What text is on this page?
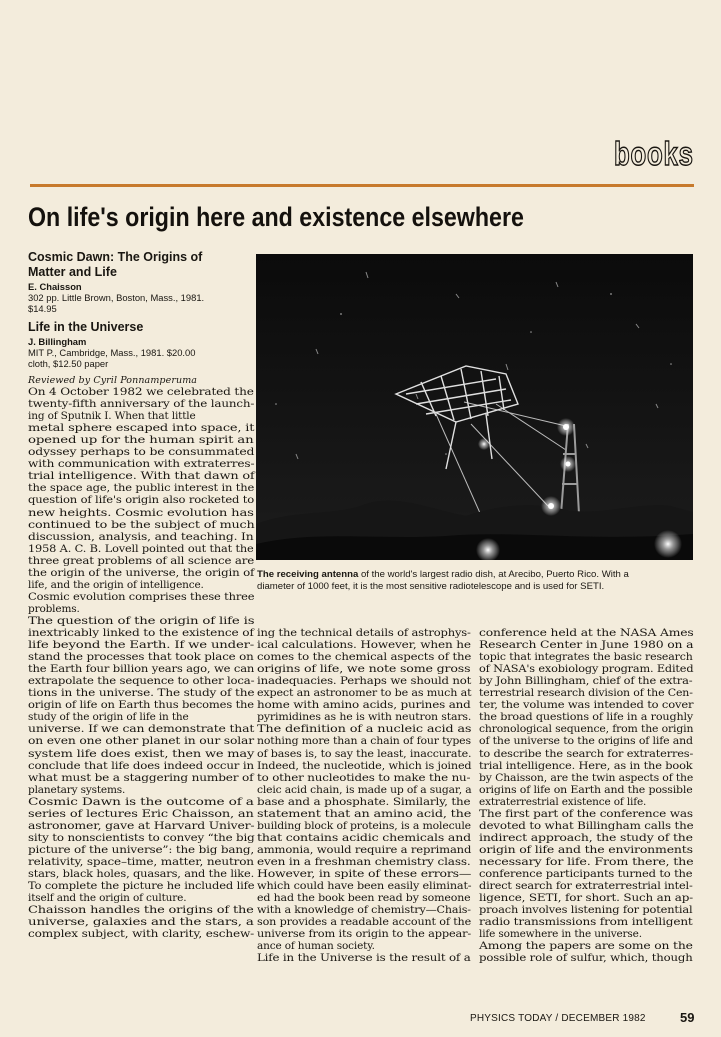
books
On life's origin here and existence elsewhere
Cosmic Dawn: The Origins of
Matter and Life
E. Chaisson
302 pp. Little Brown, Boston, Mass., 1981.
$14.95
Life in the Universe
J. Billingham
MIT P., Cambridge, Mass., 1981. $20.00
cloth, $12.50 paper
Reviewed by Cyril Ponnamperuma
The receiving antenna of the world's largest radio dish, at Arecibo, Puerto Rico. With a
diameter of 1000 feet, it is the most sensitive radiotelescope and is used for SETI.
On 4 October 1982 we celebrated the
twenty-fifth anniversary of the launch-
ing of Sputnik I. When that little
metal sphere escaped into space, it
opened up for the human spirit an
odyssey perhaps to be consummated
with communication with extraterres-
trial intelligence. With that dawn of
the space age, the public interest in the
question of life's origin also rocketed to
new heights. Cosmic evolution has
continued to be the subject of much
discussion, analysis, and teaching. In
1958 A. C. B. Lovell pointed out that the
three great problems of all science are
the origin of the universe, the origin of
life, and the origin of intelligence.
Cosmic evolution comprises these three
problems.
The question of the origin of life is
inextricably linked to the existence of
life beyond the Earth. If we under-
stand the processes that took place on
the Earth four billion years ago, we can
extrapolate the sequence to other loca-
tions in the universe. The study of the
origin of life on Earth thus becomes the
study of the origin of life in the
universe. If we can demonstrate that
on even one other planet in our solar
system life does exist, then we may
conclude that life does indeed occur in
what must be a staggering number of
planetary systems.
Cosmic Dawn is the outcome of a
series of lectures Eric Chaisson, an
astronomer, gave at Harvard Univer-
sity to nonscientists to convey “the big
picture of the universe”: the big bang,
relativity, space–time, matter, neutron
stars, black holes, quasars, and the like.
To complete the picture he included life
itself and the origin of culture.
Chaisson handles the origins of the
universe, galaxies and the stars, a
complex subject, with clarity, eschew-
ing the technical details of astrophys-
ical calculations. However, when he
comes to the chemical aspects of the
origins of life, we note some gross
inadequacies. Perhaps we should not
expect an astronomer to be as much at
home with amino acids, purines and
pyrimidines as he is with neutron stars.
The definition of a nucleic acid as
nothing more than a chain of four types
of bases is, to say the least, inaccurate.
Indeed, the nucleotide, which is joined
to other nucleotides to make the nu-
cleic acid chain, is made up of a sugar, a
base and a phosphate. Similarly, the
statement that an amino acid, the
building block of proteins, is a molecule
that contains acidic chemicals and
ammonia, would require a reprimand
even in a freshman chemistry class.
However, in spite of these errors—
which could have been easily eliminat-
ed had the book been read by someone
with a knowledge of chemistry—Chais-
son provides a readable account of the
universe from its origin to the appear-
ance of human society.
Life in the Universe is the result of a
conference held at the NASA Ames
Research Center in June 1980 on a
topic that integrates the basic research
of NASA's exobiology program. Edited
by John Billingham, chief of the extra-
terrestrial research division of the Cen-
ter, the volume was intended to cover
the broad questions of life in a roughly
chronological sequence, from the origin
of the universe to the origins of life and
to describe the search for extraterres-
trial intelligence. Here, as in the book
by Chaisson, are the twin aspects of the
origins of life on Earth and the possible
extraterrestrial existence of life.
The first part of the conference was
devoted to what Billingham calls the
indirect approach, the study of the
origin of life and the environments
necessary for life. From there, the
conference participants turned to the
direct search for extraterrestrial intel-
ligence, SETI, for short. Such an ap-
proach involves listening for potential
radio transmissions from intelligent
life somewhere in the universe.
Among the papers are some on the
possible role of sulfur, which, though
PHYSICS TODAY / DECEMBER 1982	59
